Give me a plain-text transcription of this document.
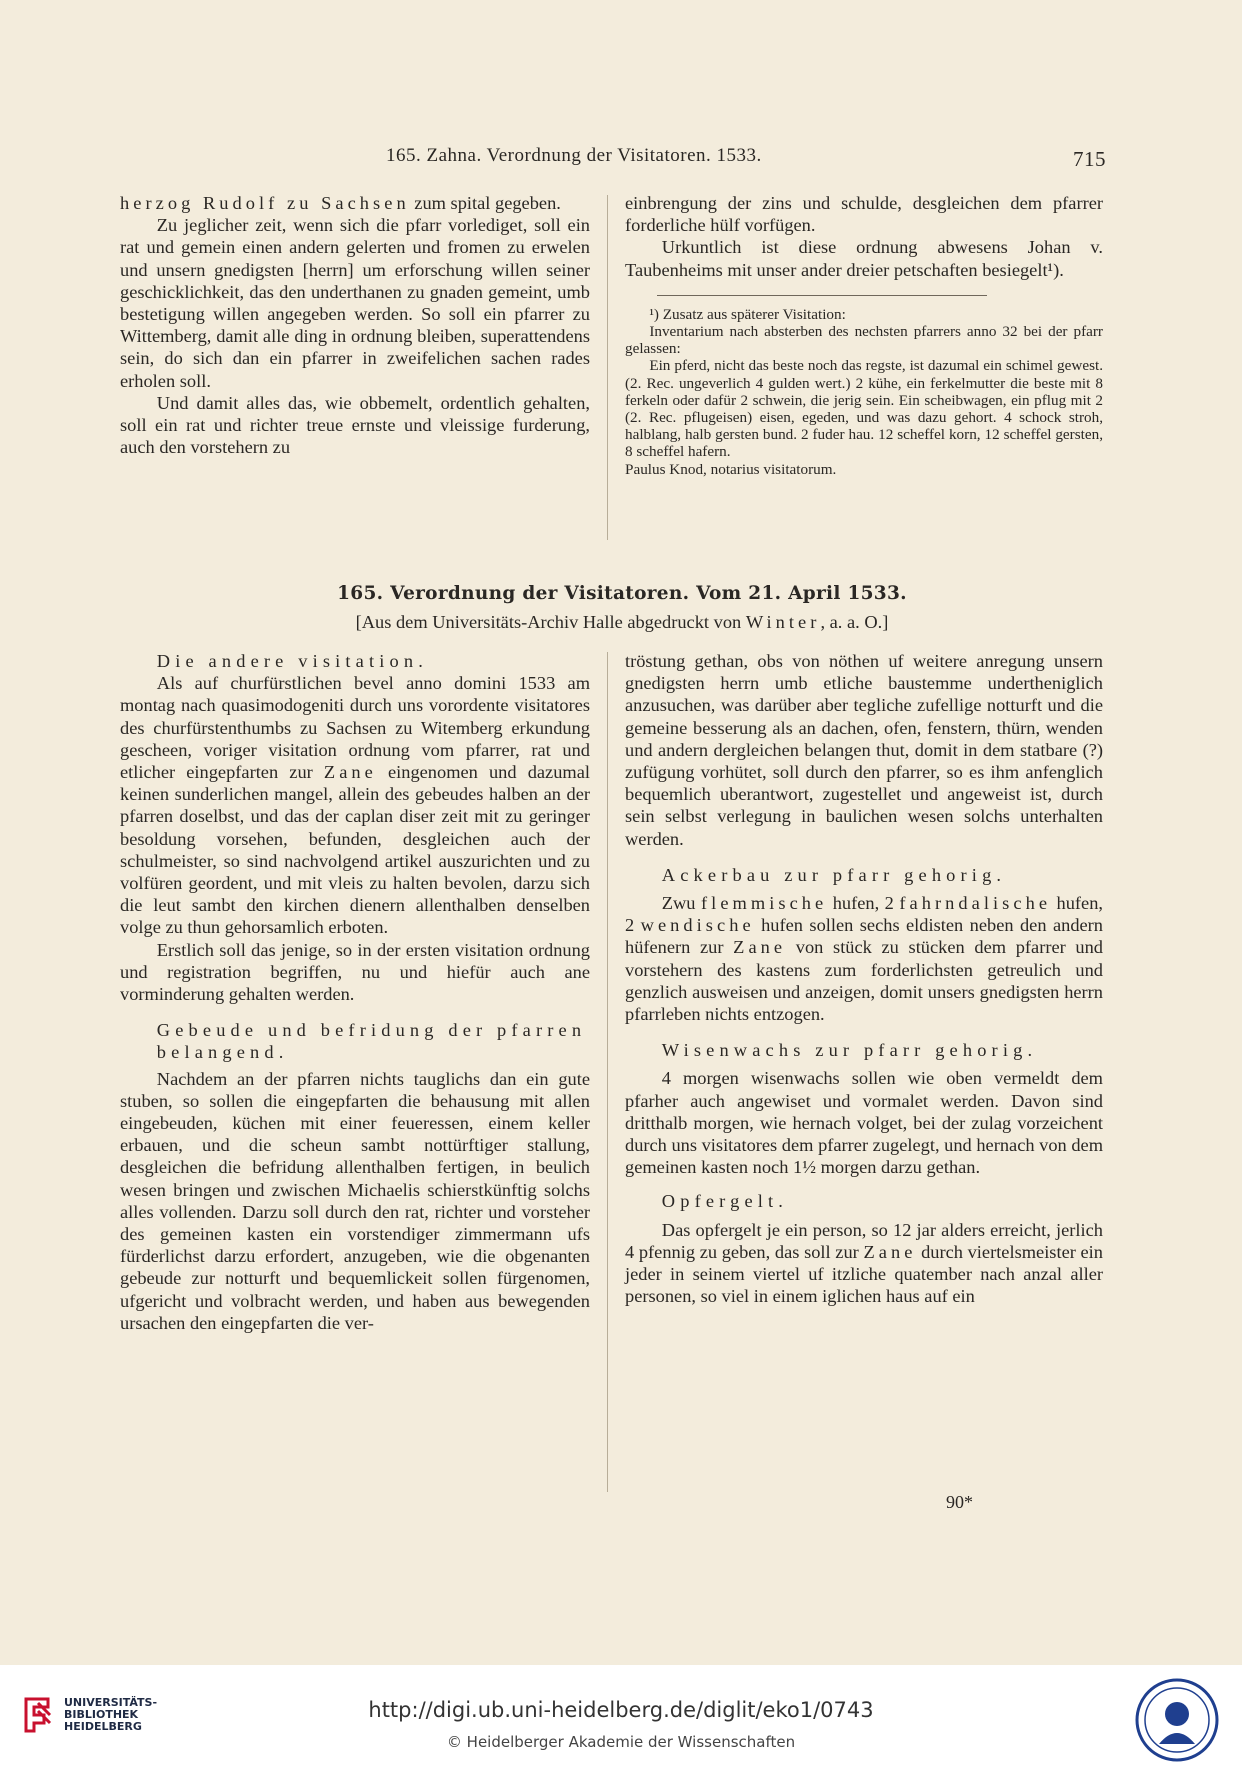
165. Zahna. Verordnung der Visitatoren. 1533.	715

herzog Rudolf zu Sachsen zum spital gegeben.

Zu jeglicher zeit, wenn sich die pfarr vorlediget, soll ein rat und gemein einen andern gelerten und fromen zu erwelen und unsern gnedigsten [herrn] um erforschung willen seiner geschicklichkeit, das den underthanen zu gnaden gemeint, umb bestetigung willen angegeben werden. So soll ein pfarrer zu Wittemberg, damit alle ding in ordnung bleiben, superattendens sein, do sich dan ein pfarrer in zweifelichen sachen rades erholen soll.

Und damit alles das, wie obbemelt, ordentlich gehalten, soll ein rat und richter treue ernste und vleissige furderung, auch den vorstehern zu

einbrengung der zins und schulde, desgleichen dem pfarrer forderliche hülf vorfügen.

Urkuntlich ist diese ordnung abwesens Johan v. Taubenheims mit unser ander dreier petschaften besiegelt¹).

¹) Zusatz aus späterer Visitation:

Inventarium nach absterben des nechsten pfarrers anno 32 bei der pfarr gelassen:

Ein pferd, nicht das beste noch das regste, ist dazumal ein schimel gewest. (2. Rec. ungeverlich 4 gulden wert.) 2 kühe, ein ferkelmutter die beste mit 8 ferkeln oder dafür 2 schwein, die jerig sein. Ein scheibwagen, ein pflug mit 2 (2. Rec. pflugeisen) eisen, egeden, und was dazu gehort. 4 schock stroh, halblang, halb gersten bund. 2 fuder hau. 12 scheffel korn, 12 scheffel gersten, 8 scheffel hafern.

Paulus Knod, notarius visitatorum.

165. Verordnung der Visitatoren. Vom 21. April 1533.
[Aus dem Universitäts-Archiv Halle abgedruckt von Winter, a. a. O.]

Die andere visitation.

Als auf churfürstlichen bevel anno domini 1533 am montag nach quasimodogeniti durch uns vorordente visitatores des churfürstenthumbs zu Sachsen zu Witemberg erkundung gescheen, voriger visitation ordnung vom pfarrer, rat und etlicher eingepfarten zur Zane eingenomen und dazumal keinen sunderlichen mangel, allein des gebeudes halben an der pfarren doselbst, und das der caplan diser zeit mit zu geringer besoldung vorsehen, befunden, desgleichen auch der schulmeister, so sind nachvolgend artikel auszurichten und zu volfüren geordent, und mit vleis zu halten bevolen, darzu sich die leut sambt den kirchen dienern allenthalben denselben volge zu thun gehorsamlich erboten.

Erstlich soll das jenige, so in der ersten visitation ordnung und registration begriffen, nu und hiefür auch ane vorminderung gehalten werden.

Gebeude und befridung der pfarren

belangend.

Nachdem an der pfarren nichts tauglichs dan ein gute stuben, so sollen die eingepfarten die behausung mit allen eingebeuden, küchen mit einer feueressen, einem keller erbauen, und die scheun sambt nottürftiger stallung, desgleichen die befridung allenthalben fertigen, in beulich wesen bringen und zwischen Michaelis schierstkünftig solchs alles vollenden. Darzu soll durch den rat, richter und vorsteher des gemeinen kasten ein vorstendiger zimmermann ufs fürderlichst darzu erfordert, anzugeben, wie die obgenanten gebeude zur notturft und bequemlickeit sollen fürgenomen, ufgericht und volbracht werden, und haben aus bewegenden ursachen den eingepfarten die ver-

tröstung gethan, obs von nöthen uf weitere anregung unsern gnedigsten herrn umb etliche baustemme undertheniglich anzusuchen, was darüber aber tegliche zufellige notturft und die gemeine besserung als an dachen, ofen, fenstern, thürn, wenden und andern dergleichen belangen thut, domit in dem statbare (?) zufügung vorhütet, soll durch den pfarrer, so es ihm anfenglich bequemlich uberantwort, zugestellet und angeweist ist, durch sein selbst verlegung in baulichen wesen solchs unterhalten werden.

Ackerbau zur pfarr gehorig.

Zwu flemmische hufen, 2 fahrndalische hufen, 2 wendische hufen sollen sechs eldisten neben den andern hüfenern zur Zane von stück zu stücken dem pfarrer und vorstehern des kastens zum forderlichsten getreulich und genzlich ausweisen und anzeigen, domit unsers gnedigsten herrn pfarrleben nichts entzogen.

Wisenwachs zur pfarr gehorig.

4 morgen wisenwachs sollen wie oben vermeldt dem pfarher auch angewiset und vormalet werden. Davon sind dritthalb morgen, wie hernach volget, bei der zulag vorzeichent durch uns visitatores dem pfarrer zugelegt, und hernach von dem gemeinen kasten noch 1½ morgen darzu gethan.

Opfergelt.

Das opfergelt je ein person, so 12 jar alders erreicht, jerlich 4 pfennig zu geben, das soll zur Zane durch viertelsmeister ein jeder in seinem viertel uf itzliche quatember nach anzal aller personen, so viel in einem iglichen haus auf ein

90*
UNIVERSITÄTS-
BIBLIOTHEK
HEIDELBERG
http://digi.ub.uni-heidelberg.de/diglit/eko1/0743
© Heidelberger Akademie der Wissenschaften
